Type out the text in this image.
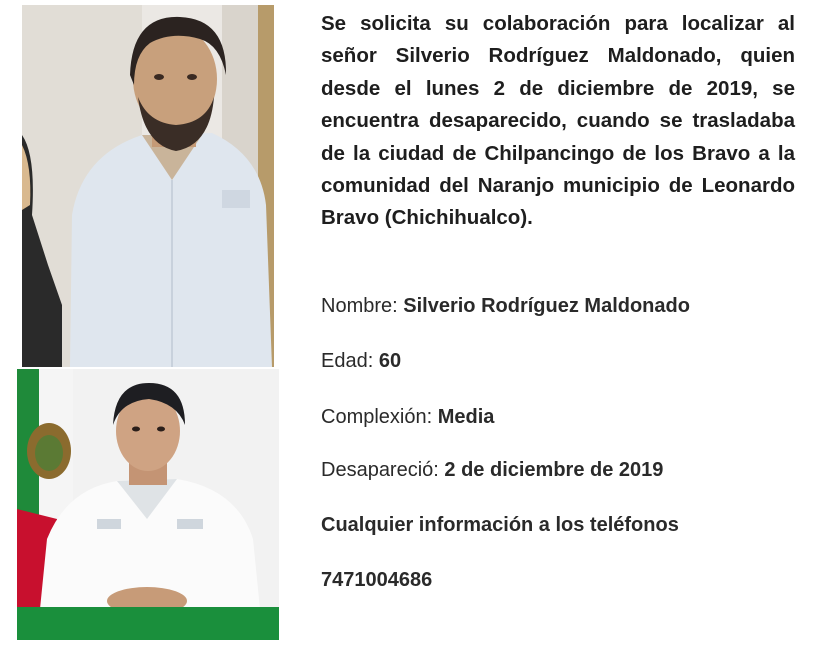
Se solicita su colaboración para localizar al señor Silverio Rodríguez Maldonado, quien desde el lunes 2 de diciembre de 2019, se encuentra desaparecido, cuando se trasladaba de la ciudad de Chilpancingo de los Bravo a la comunidad del Naranjo municipio de Leonardo Bravo (Chichihualco).

Nombre: Silverio Rodríguez Maldonado
Edad: 60
Complexión: Media
Desapareció: 2 de diciembre de 2019
Cualquier información a los teléfonos
7471004686
